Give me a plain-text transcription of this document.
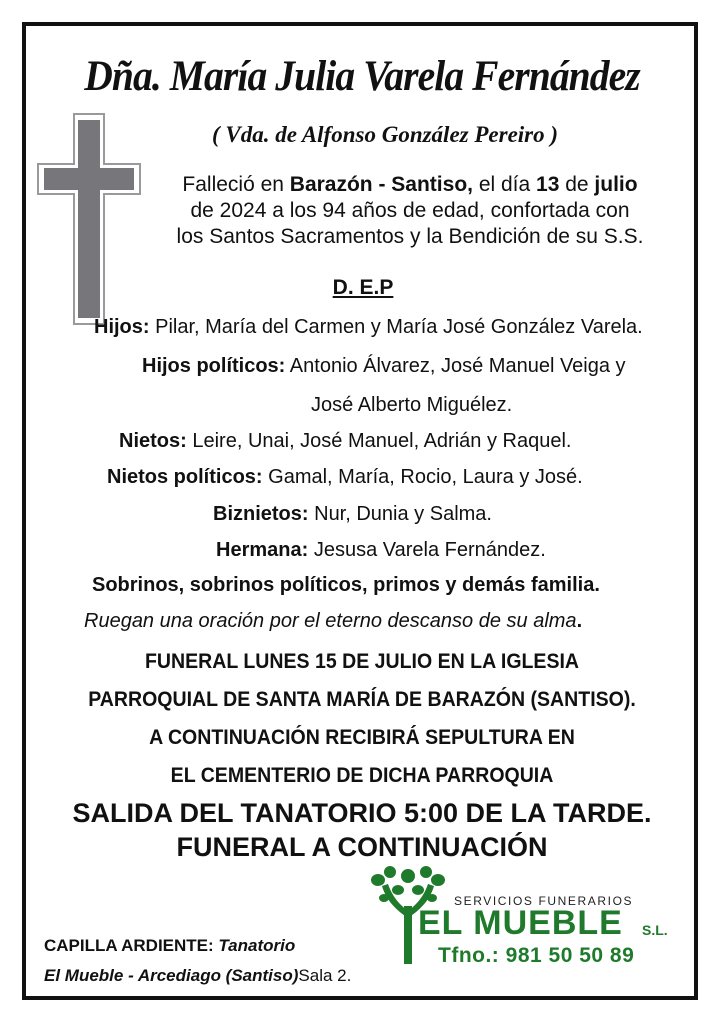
Dña. María Julia Varela Fernández
( Vda. de Alfonso González Pereiro )
Falleció en Barazón - Santiso, el día 13 de julio
de 2024 a los 94 años de edad, confortada con
los Santos Sacramentos y la Bendición de su S.S.
D. E.P
Hijos: Pilar, María del Carmen y María José González Varela.
Hijos políticos: Antonio Álvarez, José Manuel Veiga y
José Alberto Miguélez.
Nietos: Leire, Unai, José Manuel, Adrián y Raquel.
Nietos políticos: Gamal, María, Rocio, Laura y José.
Biznietos: Nur, Dunia y Salma.
Hermana: Jesusa Varela Fernández.
Sobrinos, sobrinos políticos, primos y demás familia.
Ruegan una oración por el eterno descanso de su alma.
FUNERAL LUNES 15 DE JULIO EN LA IGLESIA
PARROQUIAL DE SANTA MARÍA DE BARAZÓN (SANTISO).
A CONTINUACIÓN RECIBIRÁ SEPULTURA EN
EL CEMENTERIO DE DICHA PARROQUIA
SALIDA DEL TANATORIO 5:00 DE LA TARDE.
FUNERAL A CONTINUACIÓN
CAPILLA ARDIENTE: Tanatorio
El Mueble - Arcediago (Santiso)Sala 2.
SERVICIOS FUNERARIOS
EL MUEBLE S.L.
Tfno.: 981 50 50 89
